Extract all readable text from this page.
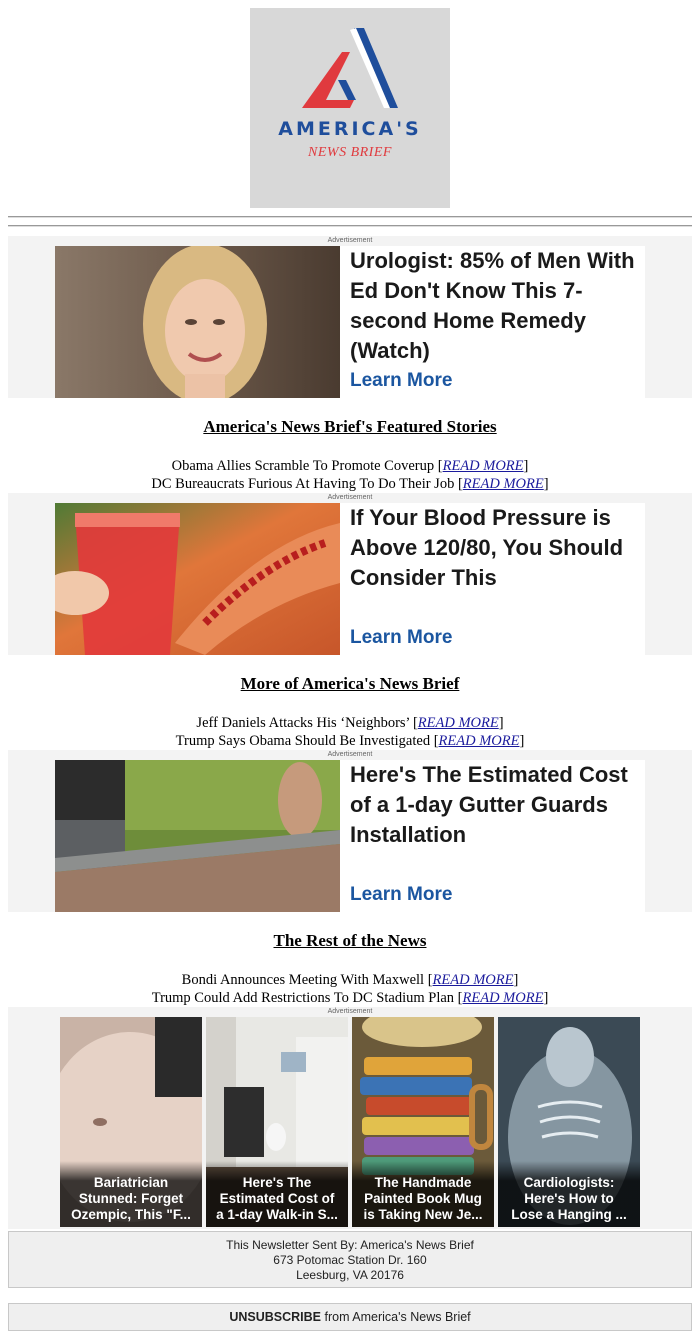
AMERICA'S
NEWS BRIEF
Advertisement
Urologist: 85% of Men With Ed Don't Know This 7-second Home Remedy (Watch)
Learn More
America's News Brief's Featured Stories
Obama Allies Scramble To Promote Coverup [READ MORE]
DC Bureaucrats Furious At Having To Do Their Job [READ MORE]
Advertisement
If Your Blood Pressure is Above 120/80, You Should Consider This
Learn More
More of America's News Brief
Jeff Daniels Attacks His ‘Neighbors’ [READ MORE]
Trump Says Obama Should Be Investigated [READ MORE]
Advertisement
Here's The Estimated Cost of a 1-day Gutter Guards Installation
Learn More
The Rest of the News
Bondi Announces Meeting With Maxwell [READ MORE]
Trump Could Add Restrictions To DC Stadium Plan [READ MORE]
Advertisement
Bariatrician
Stunned: Forget
Ozempic, This "F...
Here's The
Estimated Cost of
a 1-day Walk-in S...
The Handmade
Painted Book Mug
is Taking New Je...
Cardiologists:
Here's How to
Lose a Hanging ...
This Newsletter Sent By: America's News Brief
673 Potomac Station Dr. 160
Leesburg, VA 20176
UNSUBSCRIBE from America's News Brief
